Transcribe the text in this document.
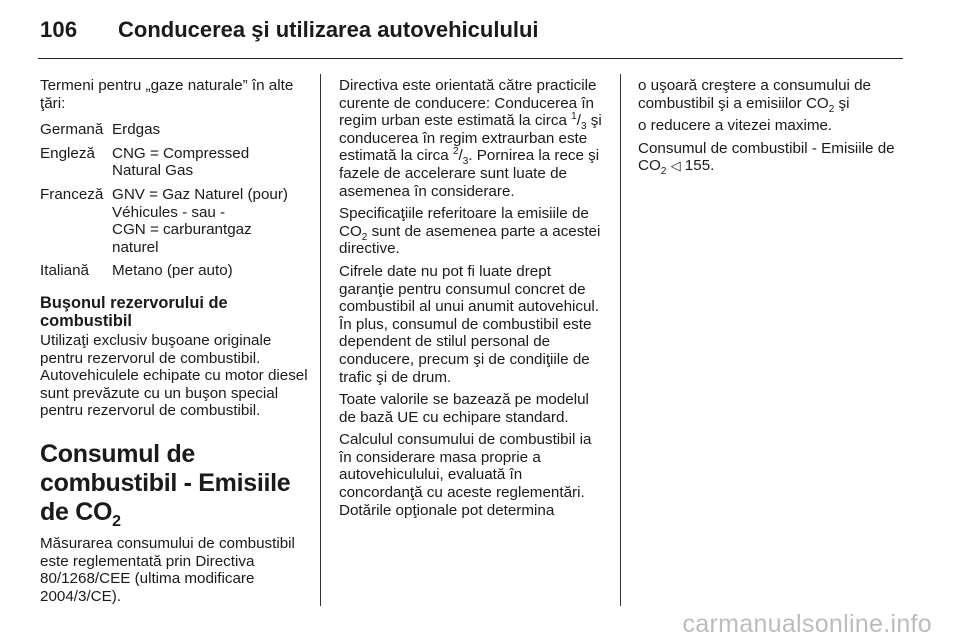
106 Conducerea şi utilizarea autovehiculului

Termeni pentru „gaze naturale” în alte ţări:

Germană Erdgas
Engleză	CNG = Compressed
Natural Gas
Franceză GNV = Gaz Naturel (pour)
Véhicules - sau -
CGN = carburantgaz
naturel
Italiană	Metano (per auto)
Buşonul rezervorului de combustibil

Utilizaţi exclusiv buşoane originale pentru rezervorul de combustibil. Autovehiculele echipate cu motor diesel sunt prevăzute cu un buşon special pentru rezervorul de combustibil.

Consumul de combustibil - Emisiile de $CO_2$

Măsurarea consumului de combustibil este reglementată prin Directiva 80/1268/CEE (ultima modificare 2004/3/CE).

Directiva este orientată către practicile curente de conducere: Conducerea în regim urban este estimată la circa $^1/_3$ şi conducerea în regim extraurban este estimată la circa $^2/_3$. Pornirea la rece şi fazele de accelerare sunt luate de asemenea în considerare.

Specificaţiile referitoare la emisiile de $CO_2$ sunt de asemenea parte a acestei directive.

Cifrele date nu pot fi luate drept garanţie pentru consumul concret de combustibil al unui anumit autovehicul. În plus, consumul de combustibil este dependent de stilul personal de conducere, precum şi de condiţiile de trafic şi de drum.

Toate valorile se bazează pe modelul de bază UE cu echipare standard.

Calculul consumului de combustibil ia în considerare masa proprie a autovehiculului, evaluată în concordanţă cu aceste reglementări. Dotările opţionale pot determina

o uşoară creştere a consumului de combustibil şi a emisiilor $CO_2$ şi

o reducere a vitezei maxime.

Consumul de combustibil - Emisiile de $CO_2$ ◁ 155.

carmanualsonline.info
